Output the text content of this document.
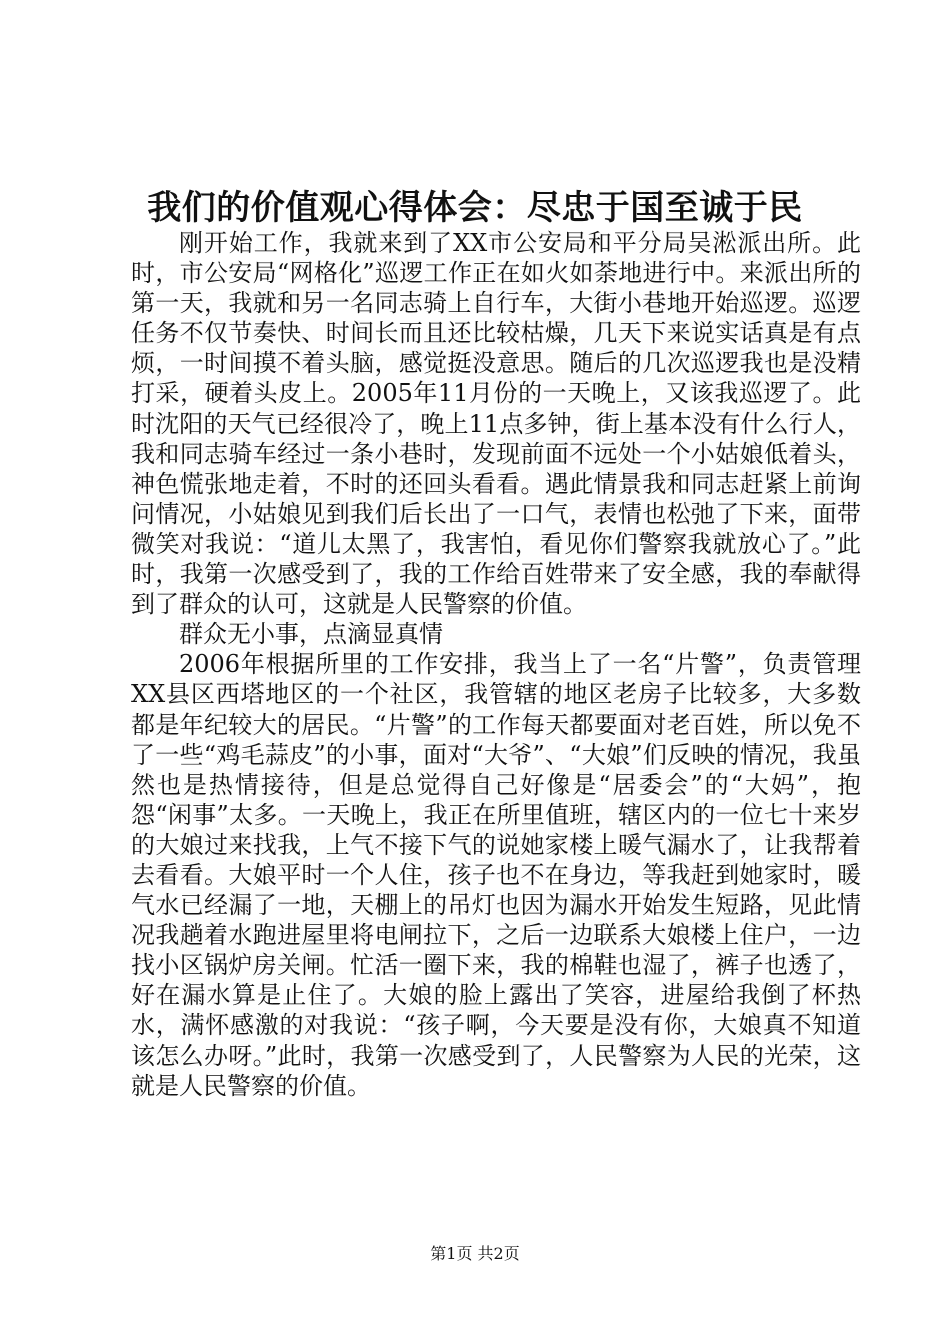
我们的价值观心得体会：尽忠于国至诚于民

刚开始工作，我就来到了XX市公安局和平分局吴淞派出所。此时，市公安局“网格化”巡逻工作正在如火如荼地进行中。来派出所的第一天，我就和另一名同志骑上自行车，大街小巷地开始巡逻。巡逻任务不仅节奏快、时间长而且还比较枯燥，几天下来说实话真是有点烦，一时间摸不着头脑，感觉挺没意思。随后的几次巡逻我也是没精打采，硬着头皮上。2005年11月份的一天晚上，又该我巡逻了。此时沈阳的天气已经很冷了，晚上11点多钟，街上基本没有什么行人，我和同志骑车经过一条小巷时，发现前面不远处一个小姑娘低着头，神色慌张地走着，不时的还回头看看。遇此情景我和同志赶紧上前询问情况，小姑娘见到我们后长出了一口气，表情也松弛了下来，面带微笑对我说：“道儿太黑了，我害怕，看见你们警察我就放心了。”此时，我第一次感受到了，我的工作给百姓带来了安全感，我的奉献得到了群众的认可，这就是人民警察的价值。

群众无小事，点滴显真情

2006年根据所里的工作安排，我当上了一名“片警”，负责管理XX县区西塔地区的一个社区，我管辖的地区老房子比较多，大多数都是年纪较大的居民。“片警”的工作每天都要面对老百姓，所以免不了一些“鸡毛蒜皮”的小事，面对“大爷”、“大娘”们反映的情况，我虽然也是热情接待，但是总觉得自己好像是“居委会”的“大妈”，抱怨“闲事”太多。一天晚上，我正在所里值班，辖区内的一位七十来岁的大娘过来找我，上气不接下气的说她家楼上暖气漏水了，让我帮着去看看。大娘平时一个人住，孩子也不在身边，等我赶到她家时，暖气水已经漏了一地，天棚上的吊灯也因为漏水开始发生短路，见此情况我趟着水跑进屋里将电闸拉下，之后一边联系大娘楼上住户，一边找小区锅炉房关闸。忙活一圈下来，我的棉鞋也湿了，裤子也透了，好在漏水算是止住了。大娘的脸上露出了笑容，进屋给我倒了杯热水，满怀感激的对我说：“孩子啊，今天要是没有你，大娘真不知道该怎么办呀。”此时，我第一次感受到了，人民警察为人民的光荣，这就是人民警察的价值。

第1页 共2页
